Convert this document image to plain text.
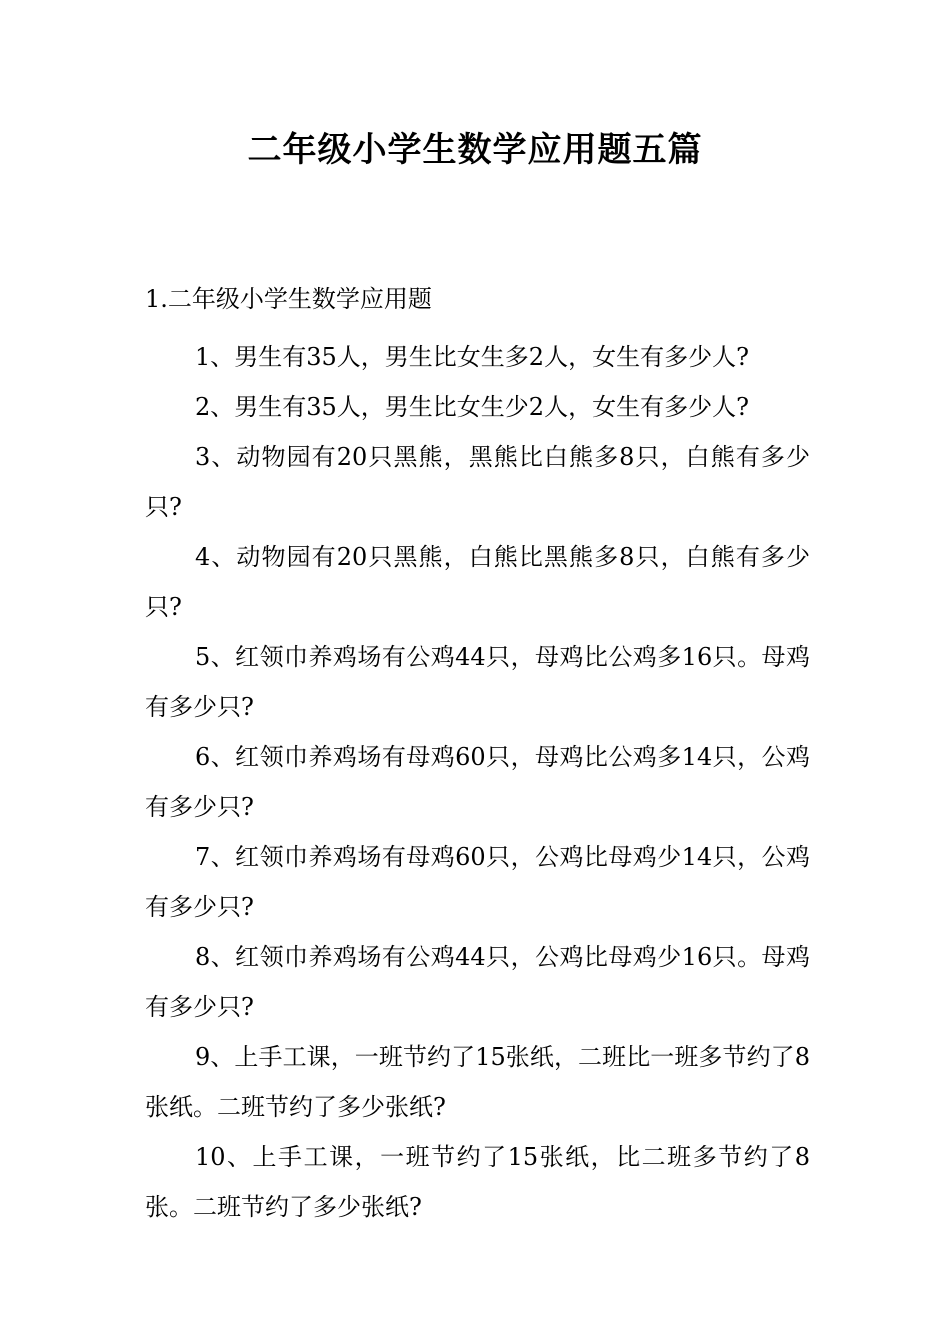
二年级小学生数学应用题五篇
1.二年级小学生数学应用题

1、男生有35人，男生比女生多2人，女生有多少人?

2、男生有35人，男生比女生少2人，女生有多少人?

3、动物园有20只黑熊，黑熊比白熊多8只，白熊有多少只?

4、动物园有20只黑熊，白熊比黑熊多8只，白熊有多少只?

5、红领巾养鸡场有公鸡44只，母鸡比公鸡多16只。母鸡有多少只?

6、红领巾养鸡场有母鸡60只，母鸡比公鸡多14只，公鸡有多少只?

7、红领巾养鸡场有母鸡60只，公鸡比母鸡少14只，公鸡有多少只?

8、红领巾养鸡场有公鸡44只，公鸡比母鸡少16只。母鸡有多少只?

9、上手工课，一班节约了15张纸，二班比一班多节约了8张纸。二班节约了多少张纸?

10、上手工课，一班节约了15张纸，比二班多节约了8张。二班节约了多少张纸?
